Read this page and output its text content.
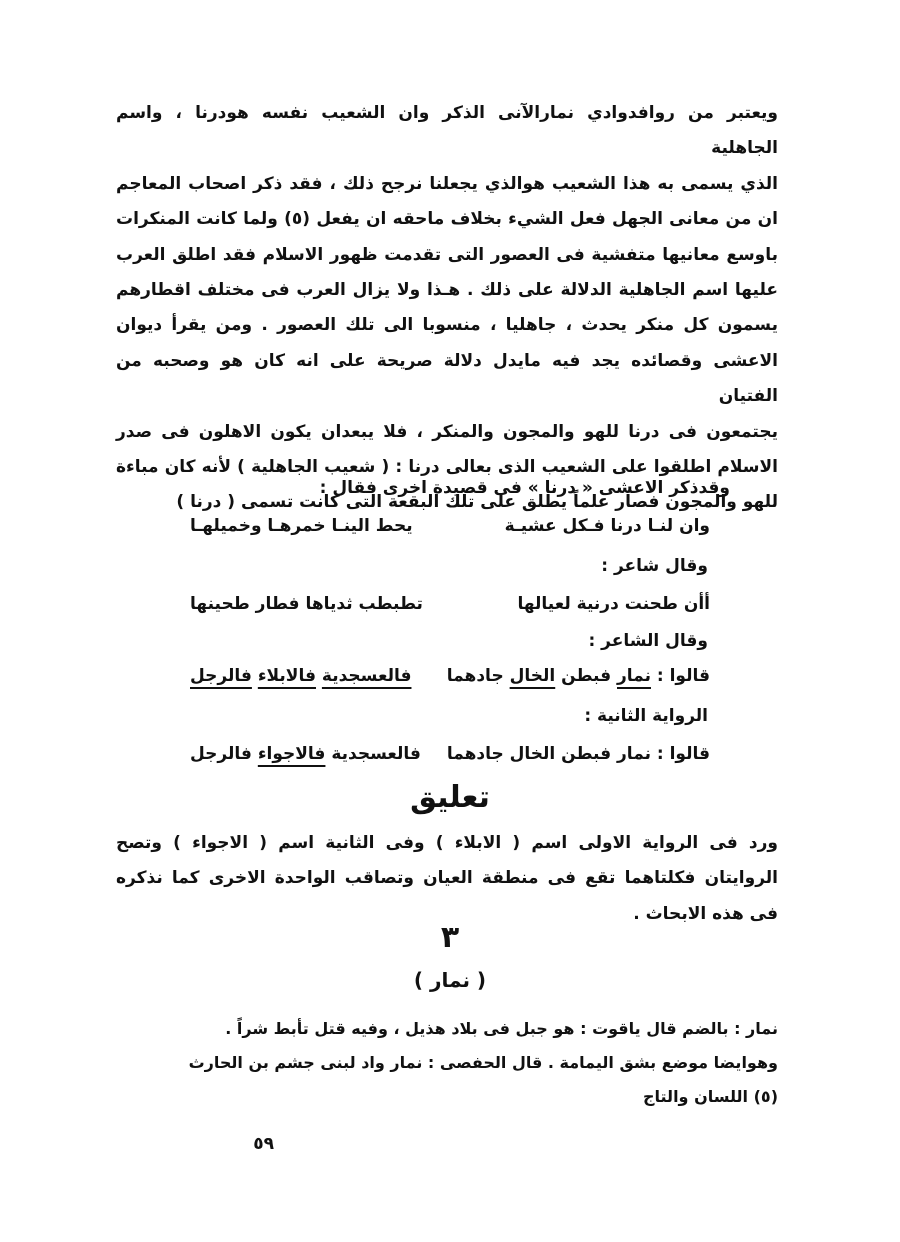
ويعتبر من روافدوادي نمارالآنى الذكر وان الشعيب نفسه هودرنا ، واسم الجاهلية

الذي يسمى به هذا الشعيب هوالذي يجعلنا نرجح ذلك ، فقد ذكر اصحاب المعاجم

ان من معانى الجهل فعل الشيء بخلاف ماحقه ان يفعل (٥) ولما كانت المنكرات

باوسع معانيها متفشية فى العصور التى تقدمت ظهور الاسلام فقد اطلق العرب

عليها اسم الجاهلية الدلالة على ذلك . هـذا ولا يزال العرب فى مختلف اقطارهم

يسمون كل منكر يحدث ، جاهليا ، منسوبا الى تلك العصور . ومن يقرأ ديوان

الاعشى وقصائده يجد فيه مايدل دلالة صريحة على انه كان هو وصحبه من الفتيان

يجتمعون فى درنا للهو والمجون والمنكر ، فلا يبعدان يكون الاهلون فى صدر

الاسلام اطلقوا على الشعيب الذى بعالى درنا : ( شعيب الجاهلية ) لأنه كان مباءة

للهو والمجون فصار علماً يطلق على تلك البقعة التى كانت تسمى ( درنا )

وقدذكر الاعشى « درنا » فى قصيدة اخرى فقال :
وان لنـا درنا فـكل عشيـة
يحط الينـا خمرهـا وخميلهـا
وقال شاعر :
أأن طحنت درنية لعيالها
تطبطب ثدياها فطار طحينها
وقال الشاعر :
قالوا : نمار فبطن الخال جادهما
فالعسجدية فالابلاء فالرجل
الرواية الثانية :
قالوا : نمار فبطن الخال جادهما
فالعسجدية فالاجواء فالرجل
تعليق

ورد فى الرواية الاولى اسم ( الابلاء ) وفى الثانية اسم ( الاجواء ) وتصح

الروايتان فكلتاهما تقع فى منطقة العيان وتصاقب الواحدة الاخرى كما نذكره

فى هذه الابحاث .

٣
( نمار )

نمار : بالضم قال ياقوت : هو جبل فى بلاد هذيل ، وفيه قتل تأبط شراً .

وهوايضا موضع بشق اليمامة . قال الحفصى : نمار واد لبنى جشم بن الحارث

(٥) اللسان والتاج

٥٩
